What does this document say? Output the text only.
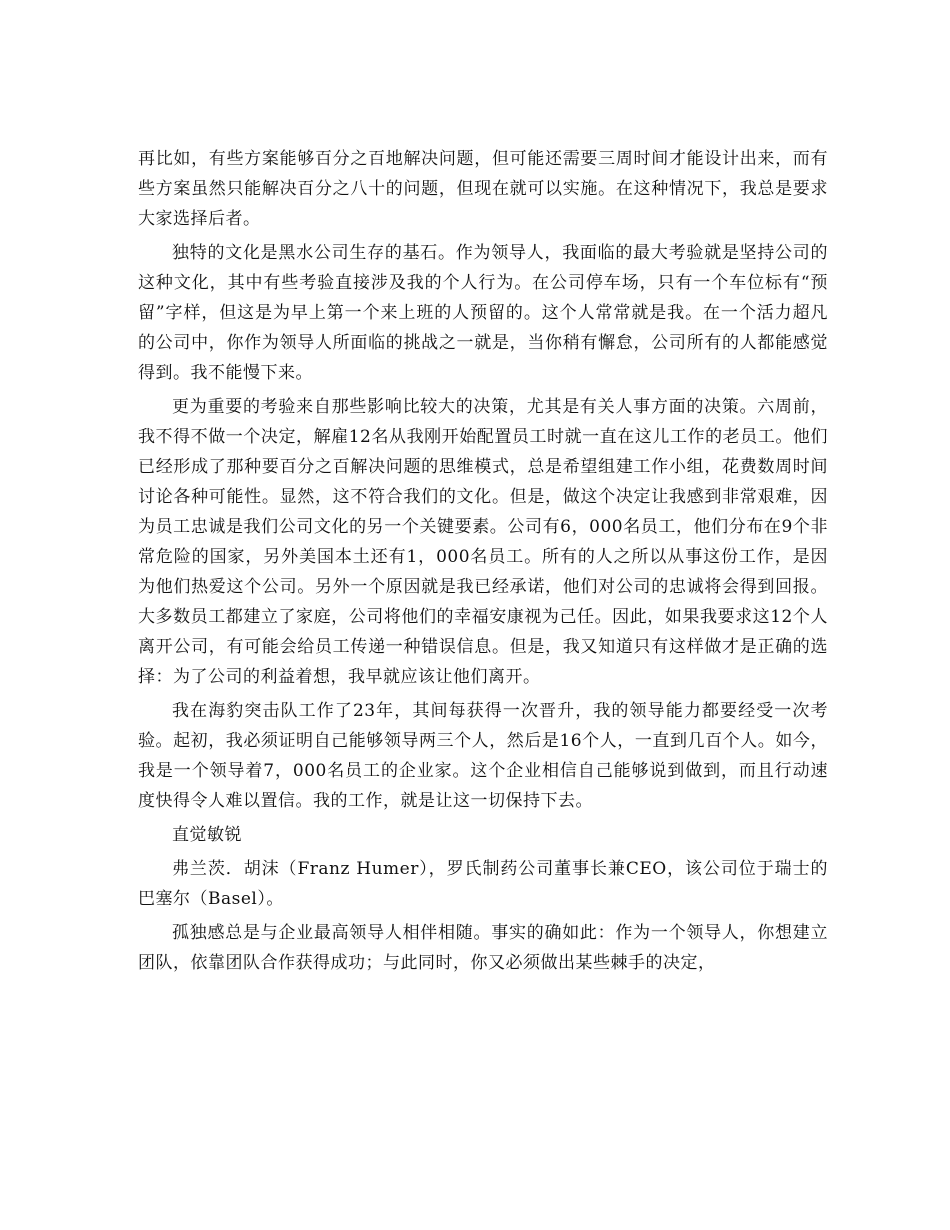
再比如，有些方案能够百分之百地解决问题，但可能还需要三周时间才能设计出来，而有些方案虽然只能解决百分之八十的问题，但现在就可以实施。在这种情况下，我总是要求大家选择后者。

独特的文化是黑水公司生存的基石。作为领导人，我面临的最大考验就是坚持公司的这种文化，其中有些考验直接涉及我的个人行为。在公司停车场，只有一个车位标有“预留”字样，但这是为早上第一个来上班的人预留的。这个人常常就是我。在一个活力超凡的公司中，你作为领导人所面临的挑战之一就是，当你稍有懈怠，公司所有的人都能感觉得到。我不能慢下来。

更为重要的考验来自那些影响比较大的决策，尤其是有关人事方面的决策。六周前，我不得不做一个决定，解雇12名从我刚开始配置员工时就一直在这儿工作的老员工。他们已经形成了那种要百分之百解决问题的思维模式，总是希望组建工作小组，花费数周时间讨论各种可能性。显然，这不符合我们的文化。但是，做这个决定让我感到非常艰难，因为员工忠诚是我们公司文化的另一个关键要素。公司有6，000名员工，他们分布在9个非常危险的国家，另外美国本土还有1，000名员工。所有的人之所以从事这份工作，是因为他们热爱这个公司。另外一个原因就是我已经承诺，他们对公司的忠诚将会得到回报。大多数员工都建立了家庭，公司将他们的幸福安康视为己任。因此，如果我要求这12个人离开公司，有可能会给员工传递一种错误信息。但是，我又知道只有这样做才是正确的选择：为了公司的利益着想，我早就应该让他们离开。

我在海豹突击队工作了23年，其间每获得一次晋升，我的领导能力都要经受一次考验。起初，我必须证明自己能够领导两三个人，然后是16个人，一直到几百个人。如今，我是一个领导着7，000名员工的企业家。这个企业相信自己能够说到做到，而且行动速度快得令人难以置信。我的工作，就是让这一切保持下去。

直觉敏锐

弗兰茨．胡沫（Franz Humer），罗氏制药公司董事长兼CEO，该公司位于瑞士的巴塞尔（Basel）。

孤独感总是与企业最高领导人相伴相随。事实的确如此：作为一个领导人，你想建立团队，依靠团队合作获得成功；与此同时，你又必须做出某些棘手的决定，
